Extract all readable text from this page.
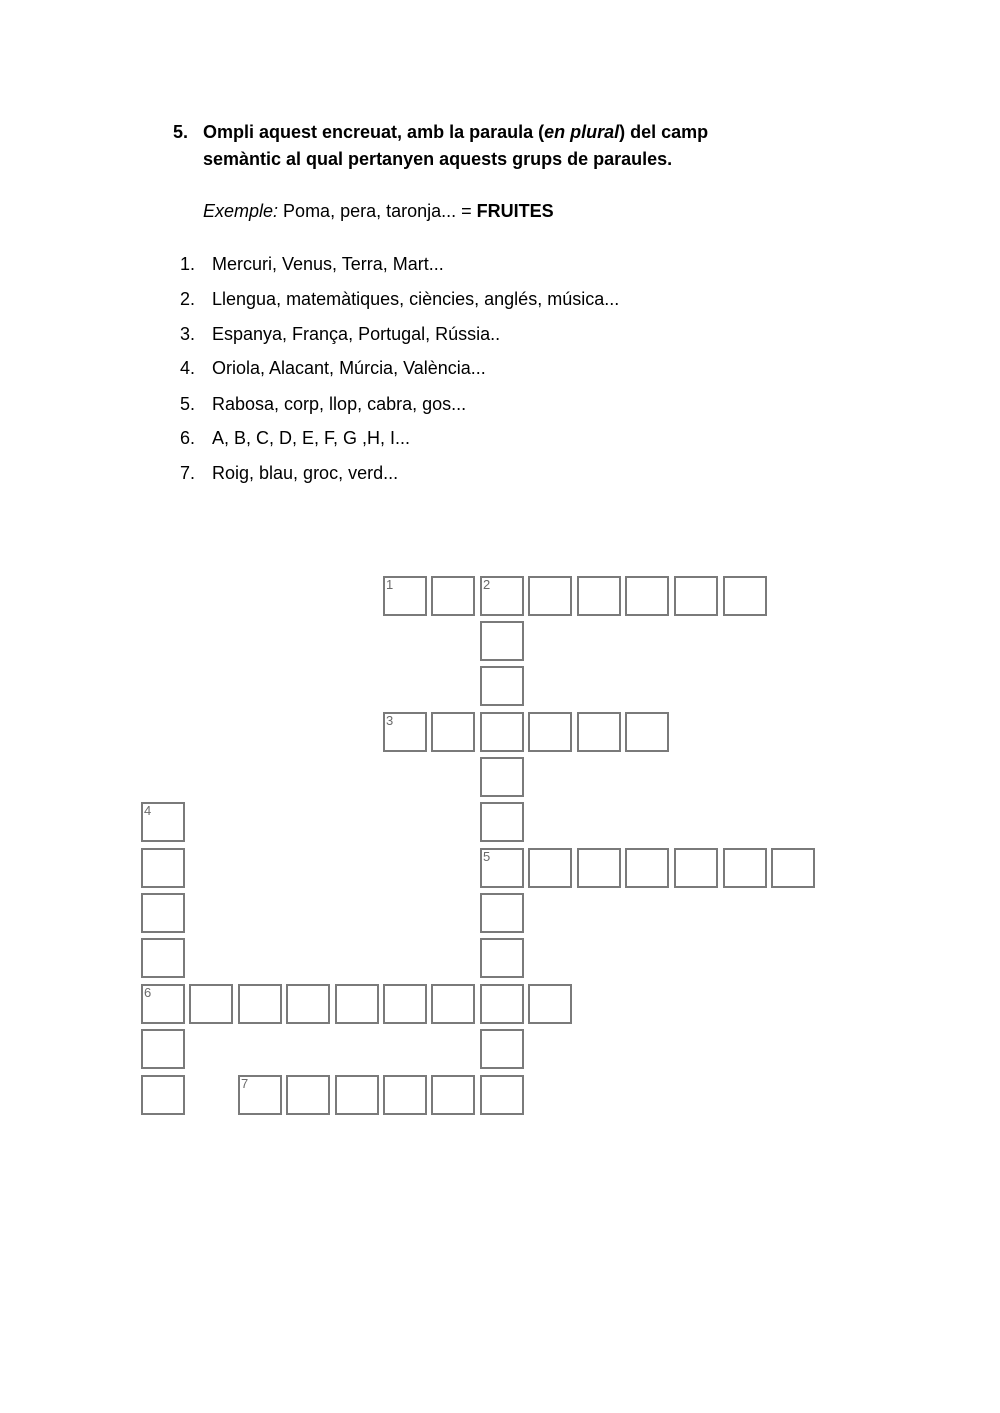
5. Ompli aquest encreuat, amb la paraula (en plural) del camp
semàntic al qual pertanyen aquests grups de paraules.
Exemple: Poma, pera, taronja... = FRUITES
1. Mercuri, Venus, Terra, Mart...
2. Llengua, matemàtiques, ciències, anglés, música...
3. Espanya, França, Portugal, Rússia..
4. Oriola, Alacant, Múrcia, València...
5. Rabosa, corp, llop, cabra, gos...
6. A, B, C, D, E, F, G ,H, I...
7. Roig, blau, groc, verd...
1	2
3
5
4
6
7
